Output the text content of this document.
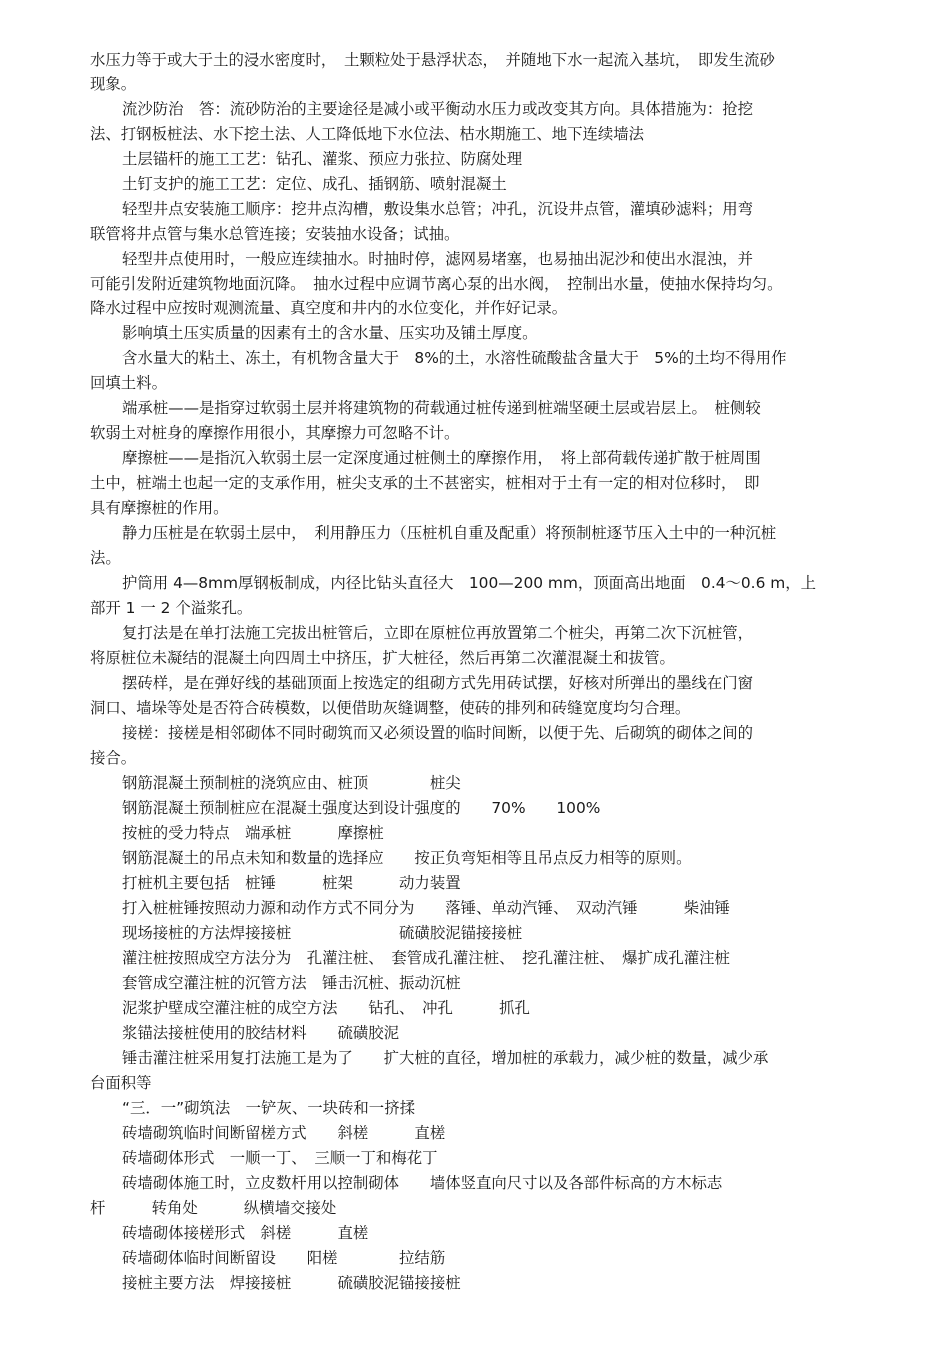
水压力等于或大于土的浸水密度时，　土颗粒处于悬浮状态，　并随地下水一起流入基坑，　即发生流砂
现象。
流沙防治　答：流砂防治的主要途径是减小或平衡动水压力或改变其方向。具体措施为：抢挖
法、打钢板桩法、水下挖土法、人工降低地下水位法、枯水期施工、地下连续墙法
土层锚杆的施工工艺：钻孔、灌浆、预应力张拉、防腐处理
土钉支护的施工工艺：定位、成孔、插钢筋、喷射混凝土
轻型井点安装施工顺序：挖井点沟槽，敷设集水总管；冲孔，沉设井点管，灌填砂滤料；用弯
联管将井点管与集水总管连接；安装抽水设备；试抽。
轻型井点使用时，一般应连续抽水。时抽时停，滤网易堵塞，也易抽出泥沙和使出水混浊，并
可能引发附近建筑物地面沉降。　抽水过程中应调节离心泵的出水阀，　控制出水量，使抽水保持均匀。
降水过程中应按时观测流量、真空度和井内的水位变化，并作好记录。
影响填土压实质量的因素有土的含水量、压实功及铺土厚度。
含水量大的粘土、冻土，有机物含量大于　8%的土，水溶性硫酸盐含量大于　5%的土均不得用作
回填土料。
端承桩——是指穿过软弱土层并将建筑物的荷载通过桩传递到桩端坚硬土层或岩层上。　桩侧较
软弱土对桩身的摩擦作用很小，其摩擦力可忽略不计。
摩擦桩——是指沉入软弱土层一定深度通过桩侧土的摩擦作用，　将上部荷载传递扩散于桩周围
土中，桩端土也起一定的支承作用，桩尖支承的土不甚密实，桩相对于土有一定的相对位移时，　即
具有摩擦桩的作用。
静力压桩是在软弱土层中，　利用静压力（压桩机自重及配重）将预制桩逐节压入土中的一种沉桩
法。
护筒用 4—8mm厚钢板制成，内径比钻头直径大　100—200 mm，顶面高出地面　0.4～0.6 m，上
部开 1 一 2 个溢浆孔。
复打法是在单打法施工完拔出桩管后，立即在原桩位再放置第二个桩尖，再第二次下沉桩管，
将原桩位未凝结的混凝土向四周土中挤压，扩大桩径，然后再第二次灌混凝土和拔管。
摆砖样，是在弹好线的基础顶面上按选定的组砌方式先用砖试摆，好核对所弹出的墨线在门窗
洞口、墙垛等处是否符合砖模数，以便借助灰缝调整，使砖的排列和砖缝宽度均匀合理。
接槎：接槎是相邻砌体不同时砌筑而又必须设置的临时间断，以便于先、后砌筑的砌体之间的
接合。
钢筋混凝土预制桩的浇筑应由、桩顶　　　　桩尖
钢筋混凝土预制桩应在混凝土强度达到设计强度的　　70%　　100%
按桩的受力特点　端承桩　　　摩擦桩
钢筋混凝土的吊点未知和数量的选择应　　按正负弯矩相等且吊点反力相等的原则。
打桩机主要包括　桩锤　　　桩架　　　动力装置
打入桩桩锤按照动力源和动作方式不同分为　　落锤、单动汽锤、　双动汽锤　　　柴油锤
现场接桩的方法焊接接桩　　　　　　　硫磺胶泥锚接接桩
灌注桩按照成空方法分为　孔灌注桩、　套管成孔灌注桩、　挖孔灌注桩、　爆扩成孔灌注桩
套管成空灌注桩的沉管方法　锤击沉桩、振动沉桩
泥浆护壁成空灌注桩的成空方法　　钻孔、　冲孔　　　抓孔
浆锚法接桩使用的胶结材料　　硫磺胶泥
锤击灌注桩采用复打法施工是为了　　扩大桩的直径，增加桩的承载力，减少桩的数量，减少承
台面积等
“三．一”砌筑法　一铲灰、一块砖和一挤揉
砖墙砌筑临时间断留槎方式　　斜槎　　　直槎
砖墙砌体形式　一顺一丁、　三顺一丁和梅花丁
砖墙砌体施工时，立皮数杆用以控制砌体　　墙体竖直向尺寸以及各部件标高的方木标志
杆　　　转角处　　　纵横墙交接处
砖墙砌体接槎形式　斜槎　　　直槎
砖墙砌体临时间断留设　　阳槎　　　　拉结筋
接桩主要方法　焊接接桩　　　硫磺胶泥锚接接桩
